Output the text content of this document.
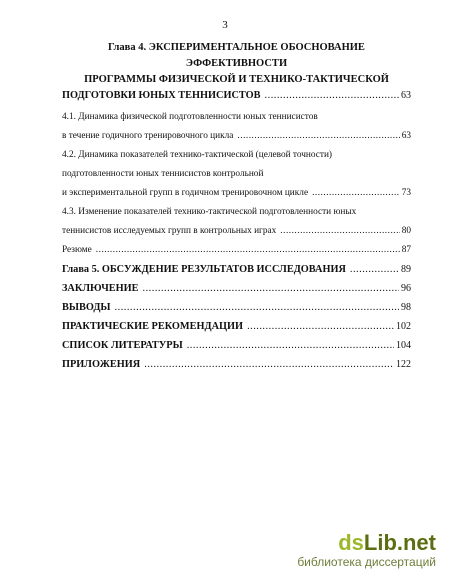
3
Глава 4. ЭКСПЕРИМЕНТАЛЬНОЕ ОБОСНОВАНИЕ ЭФФЕКТИВНОСТИ
ПРОГРАММЫ ФИЗИЧЕСКОЙ И ТЕХНИКО-ТАКТИЧЕСКОЙ
ПОДГОТОВКИ ЮНЫХ ТЕННИСИСТОВ .....	63
4.1. Динамика физической подготовленности юных теннисистов
в течение годичного тренировочного цикла .....	63
4.2. Динамика показателей технико-тактической (целевой точности)
подготовленности юных теннисистов контрольной
и экспериментальной групп в годичном тренировочном цикле .....	73
4.3. Изменение показателей технико-тактической подготовленности юных
теннисистов исследуемых групп в контрольных играх .....	80
Резюме .....	87
Глава 5. ОБСУЖДЕНИЕ РЕЗУЛЬТАТОВ ИССЛЕДОВАНИЯ .....	89
ЗАКЛЮЧЕНИЕ .....	96
ВЫВОДЫ .....	98
ПРАКТИЧЕСКИЕ РЕКОМЕНДАЦИИ .....	102
СПИСОК ЛИТЕРАТУРЫ .....	104
ПРИЛОЖЕНИЯ .....	122
dsLib.net
библиотека диссертаций
